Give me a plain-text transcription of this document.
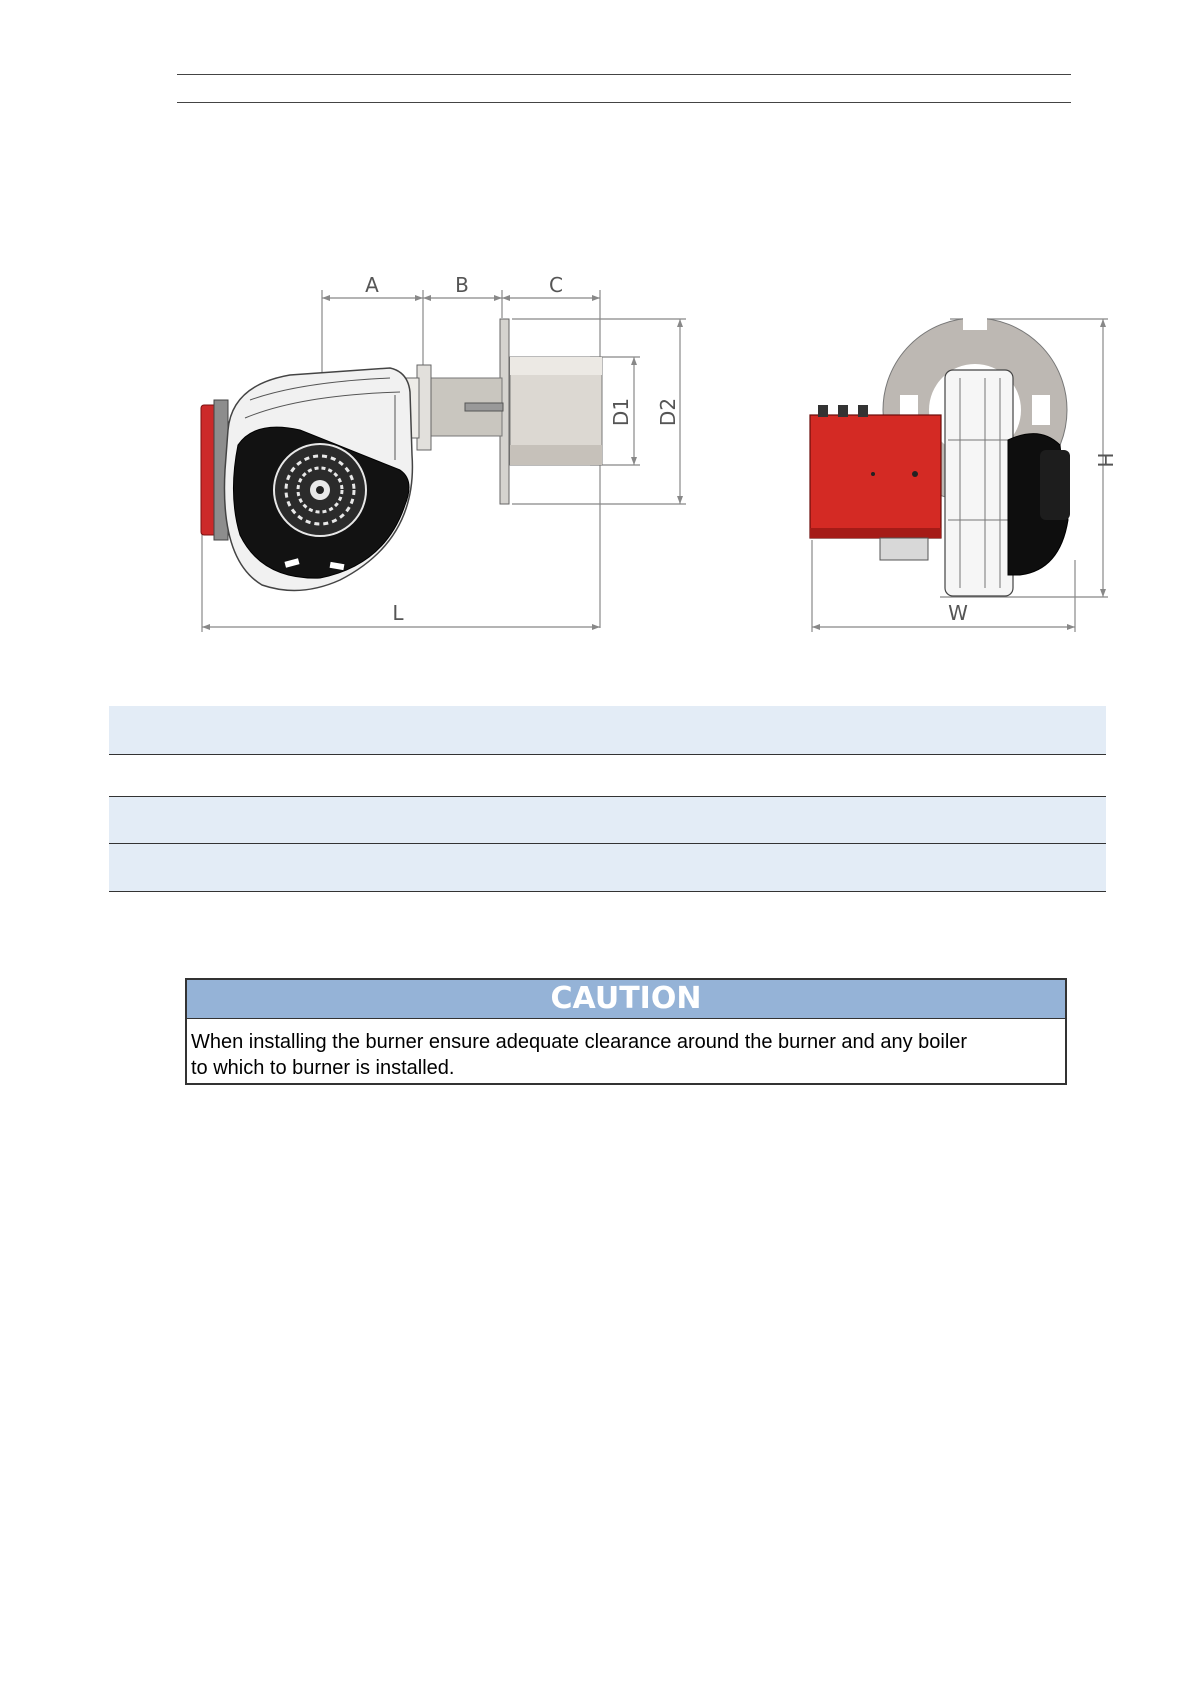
A	B	C
D1 D2
L
H
W
CAUTION
When installing the burner ensure adequate clearance around the burner and any boiler
to which to burner is installed.
